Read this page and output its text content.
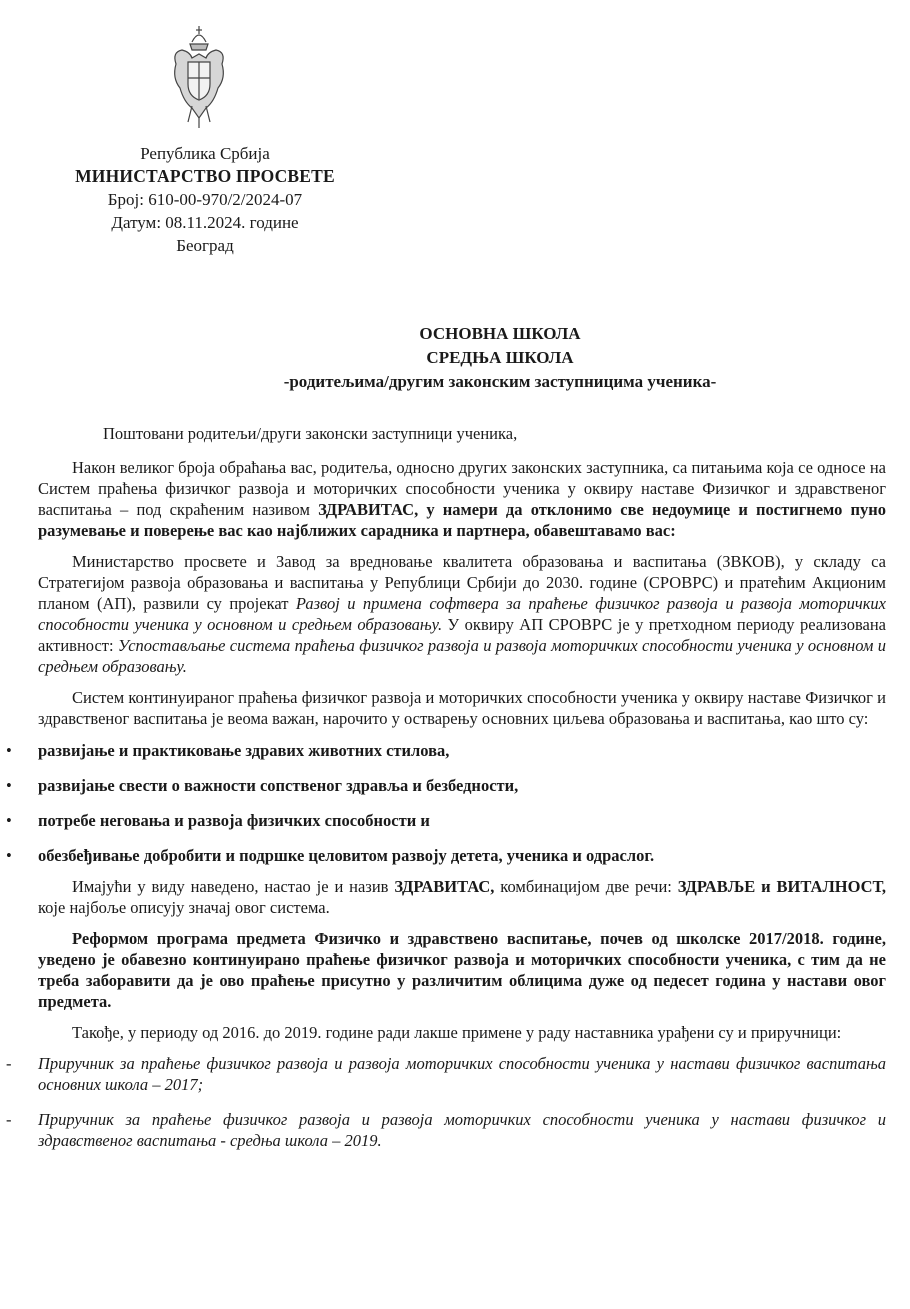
Република Србија
МИНИСТАРСТВО ПРОСВЕТЕ
Број: 610-00-970/2/2024-07
Датум: 08.11.2024. године
Београд
ОСНОВНА ШКОЛА
СРЕДЊА ШКОЛА
-родитељима/другим законским заступницима ученика-

Поштовани родитељи/други законски заступници ученика,

Након великог броја обраћања вас, родитеља, односно других законских заступника, са питањима која се односе на Систем праћења физичког развоја и моторичких способности ученика у оквиру наставе Физичког и здравственог васпитања – под скраћеним називом ЗДРАВИТАС, у намери да отклонимо све недоумице и постигнемо пуно разумевање и поверење вас као најближих сарадника и партнера, обавештавамо вас:

Министарство просвете и Завод за вредновање квалитета образовања и васпитања (ЗВКОВ), у складу са Стратегијом развоја образовања и васпитања у Републици Србији до 2030. године (СРОВРС) и пратећим Акционим планом (АП), развили су пројекат Развој и примена софтвера за праћење физичког развоја и развоја моторичких способности ученика у основном и средњем образовању. У оквиру АП СРОВРС је у претходном периоду реализована активност: Успостављање система праћења физичког развоја и развоја моторичких способности ученика у основном и средњем образовању.

Систем континуираног праћења физичког развоја и моторичких способности ученика у оквиру наставе Физичког и здравственог васпитања је веома важан, нарочито у остварењу основних циљева образовања и васпитања, као што су:

• развијање и практиковање здравих животних стилова,
• развијање свести о важности сопственог здравља и безбедности,
• потребе неговања и развоја физичких способности и
• обезбеђивање добробити и подршке целовитом развоју детета, ученика и одраслог.

Имајући у виду наведено, настао је и назив ЗДРАВИТАС, комбинацијом две речи: ЗДРАВЉЕ и ВИТАЛНОСТ, које најбоље описују значај овог система.

Реформом програма предмета Физичко и здравствено васпитање, почев од школске 2017/2018. године, уведено је обавезно континуирано праћење физичког развоја и моторичких способности ученика, с тим да не треба заборавити да је ово праћење присутно у различитим облицима дуже од педесет година у настави овог предмета.

Такође, у периоду од 2016. до 2019. године ради лакше примене у раду наставника урађени су и приручници:

- Приручник за праћење физичког развоја и развоја моторичких способности ученика у настави физичког васпитања основних школа – 2017;
- Приручник за праћење физичког развоја и развоја моторичких способности ученика у настави физичког и здравственог васпитања - средња школа – 2019.
